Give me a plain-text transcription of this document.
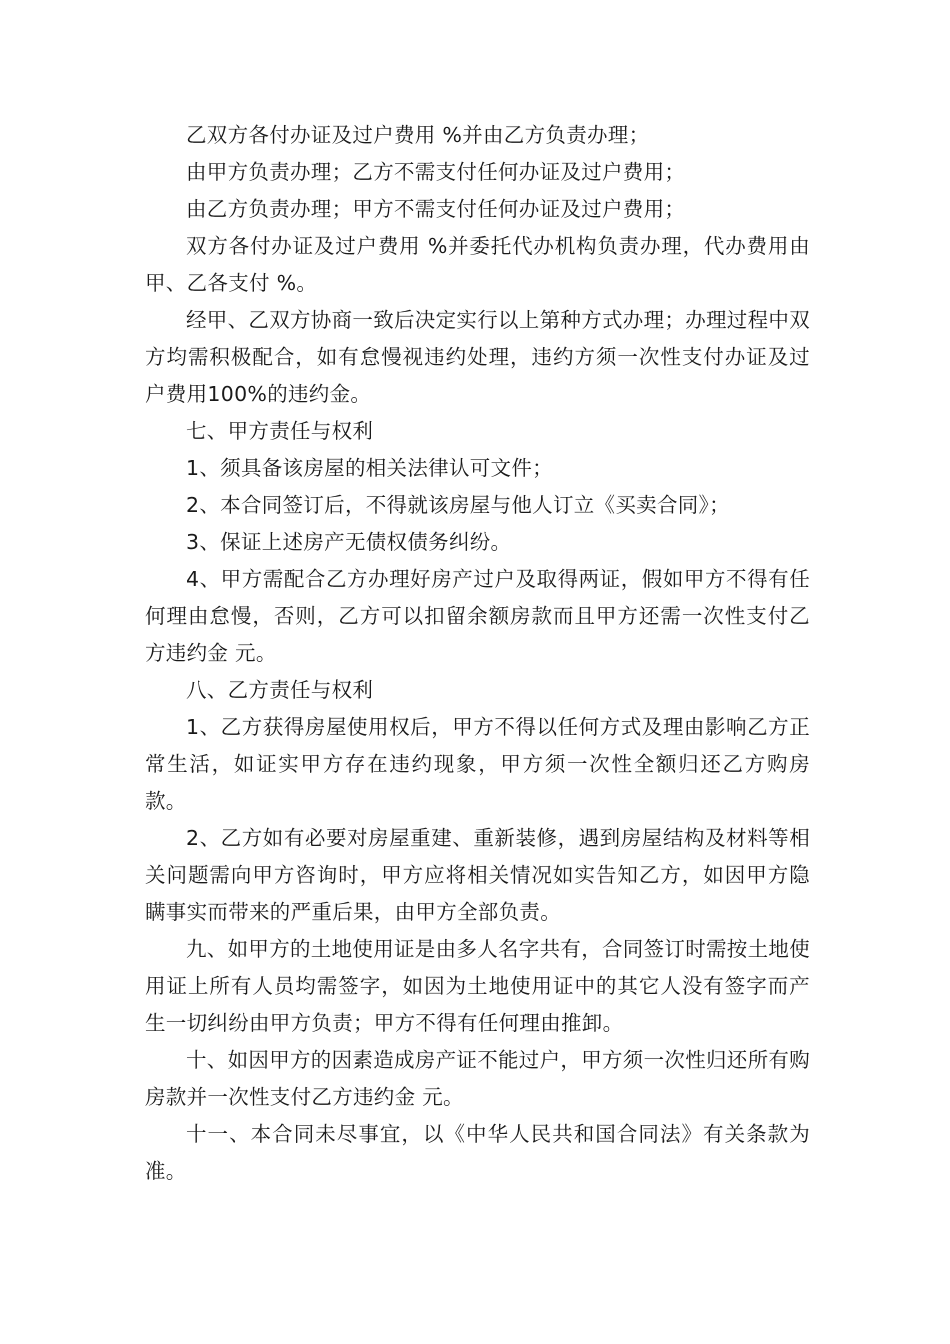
乙双方各付办证及过户费用 %并由乙方负责办理；

由甲方负责办理；乙方不需支付任何办证及过户费用；

由乙方负责办理；甲方不需支付任何办证及过户费用；

双方各付办证及过户费用 %并委托代办机构负责办理，代办费用由甲、乙各支付 %。

经甲、乙双方协商一致后决定实行以上第种方式办理；办理过程中双方均需积极配合，如有怠慢视违约处理，违约方须一次性支付办证及过户费用100%的违约金。

七、甲方责任与权利

1、须具备该房屋的相关法律认可文件；

2、本合同签订后，不得就该房屋与他人订立《买卖合同》；

3、保证上述房产无债权债务纠纷。

4、甲方需配合乙方办理好房产过户及取得两证，假如甲方不得有任何理由怠慢，否则，乙方可以扣留余额房款而且甲方还需一次性支付乙方违约金 元。

八、乙方责任与权利

1、乙方获得房屋使用权后，甲方不得以任何方式及理由影响乙方正常生活，如证实甲方存在违约现象，甲方须一次性全额归还乙方购房款。

2、乙方如有必要对房屋重建、重新装修，遇到房屋结构及材料等相关问题需向甲方咨询时，甲方应将相关情况如实告知乙方，如因甲方隐瞒事实而带来的严重后果，由甲方全部负责。

九、如甲方的土地使用证是由多人名字共有，合同签订时需按土地使用证上所有人员均需签字，如因为土地使用证中的其它人没有签字而产生一切纠纷由甲方负责；甲方不得有任何理由推卸。

十、如因甲方的因素造成房产证不能过户，甲方须一次性归还所有购房款并一次性支付乙方违约金 元。

十一、本合同未尽事宜，以《中华人民共和国合同法》有关条款为准。
